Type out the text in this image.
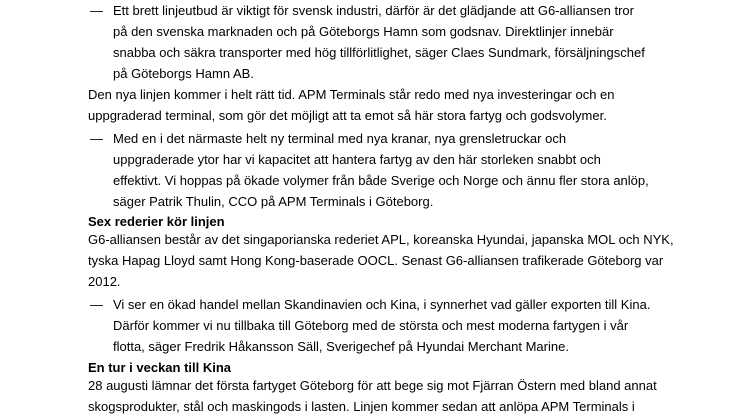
— Ett brett linjeutbud är viktigt för svensk industri, därför är det glädjande att G6-alliansen tror
på den svenska marknaden och på Göteborgs Hamn som godsnav. Direktlinjer innebär
snabba och säkra transporter med hög tillförlitlighet, säger Claes Sundmark, försäljningschef
på Göteborgs Hamn AB.
Den nya linjen kommer i helt rätt tid. APM Terminals står redo med nya investeringar och en
uppgraderad terminal, som gör det möjligt att ta emot så här stora fartyg och godsvolymer.
— Med en i det närmaste helt ny terminal med nya kranar, nya grensletruckar och
uppgraderade ytor har vi kapacitet att hantera fartyg av den här storleken snabbt och
effektivt. Vi hoppas på ökade volymer från både Sverige och Norge och ännu fler stora anlöp,
säger Patrik Thulin, CCO på APM Terminals i Göteborg.
Sex rederier kör linjen
G6-alliansen består av det singaporianska rederiet APL, koreanska Hyundai, japanska MOL och NYK,
tyska Hapag Lloyd samt Hong Kong-baserade OOCL. Senast G6-alliansen trafikerade Göteborg var
2012.
— Vi ser en ökad handel mellan Skandinavien och Kina, i synnerhet vad gäller exporten till Kina.
Därför kommer vi nu tillbaka till Göteborg med de största och mest moderna fartygen i vår
flotta, säger Fredrik Håkansson Säll, Sverigechef på Hyundai Merchant Marine.
En tur i veckan till Kina
28 augusti lämnar det första fartyget Göteborg för att bege sig mot Fjärran Östern med bland annat
skogsprodukter, stål och maskingods i lasten. Linjen kommer sedan att anlöpa APM Terminals i
